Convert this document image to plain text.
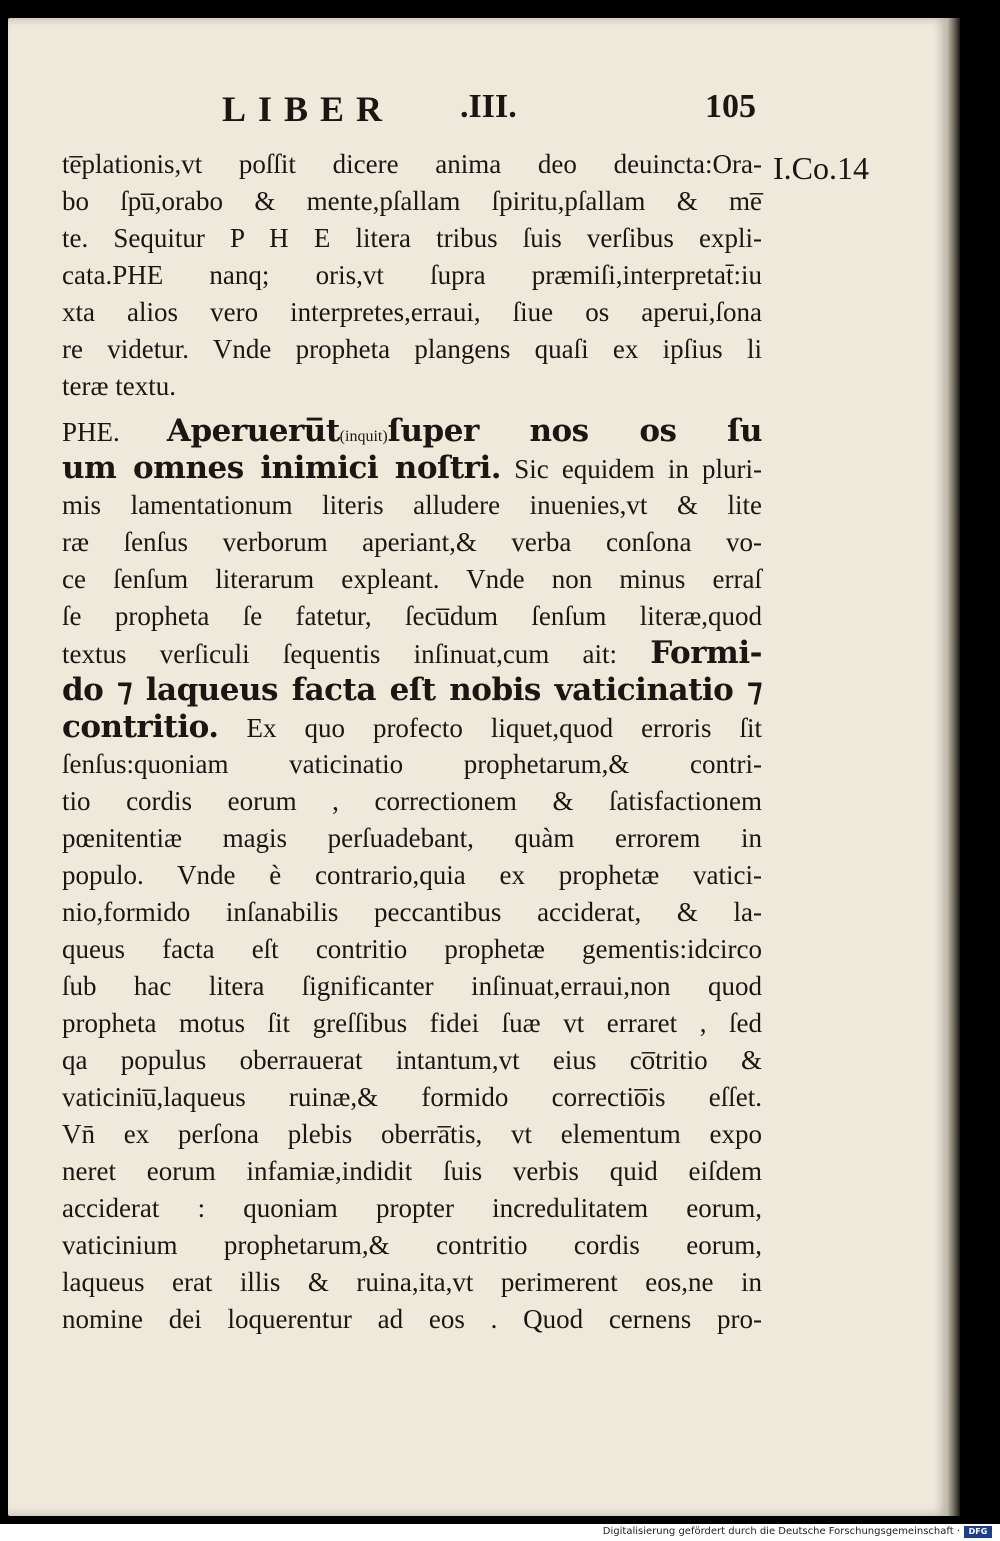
LIBER .III.	105
I.Co.14
te̅plationis,vt poſſit dicere anima deo deuincta:Ora-
bo ſpu̅,orabo & mente,pſallam ſpiritu,pſallam & me̅
te. Sequitur P H E litera tribus ſuis verſibus expli-
cata.PHE nanq; oris,vt ſupra præmiſi,interpretat̄:iu
xta alios vero interpretes,erraui, ſiue os aperui,ſona
re videtur. Vnde propheta plangens quaſi ex ipſius li
teræ textu.
PHE. Aperueru̅t(inquit)ſuper nos os ſu
um omnes inimici noſtri. Sic equidem in pluri-
mis lamentationum literis alludere inuenies,vt & lite
ræ ſenſus verborum aperiant,& verba conſona vo-
ce ſenſum literarum expleant. Vnde non minus erraſ
ſe propheta ſe fatetur, ſecu̅dum ſenſum literæ,quod
textus verſiculi ſequentis inſinuat,cum ait: Formi-
do ⁊ laqueus facta eſt nobis vaticinatio ⁊
contritio. Ex quo profecto liquet,quod erroris ſit
ſenſus:quoniam vaticinatio prophetarum,& contri-
tio cordis eorum , correctionem & ſatisfactionem
pœnitentiæ magis perſuadebant, quàm errorem in
populo. Vnde è contrario,quia ex prophetæ vatici-
nio,formido inſanabilis peccantibus acciderat, & la-
queus facta eſt contritio prophetæ gementis:idcirco
ſub hac litera ſignificanter inſinuat,erraui,non quod
propheta motus ſit greſſibus fidei ſuæ vt erraret , ſed
qa populus oberrauerat intantum,vt eius co̅tritio &
vaticiniu̅,laqueus ruinæ,& formido correctio̅is eſſet.
Vn̄ ex perſona plebis oberra̅tis, vt elementum expo
neret eorum infamiæ,indidit ſuis verbis quid eiſdem
acciderat : quoniam propter incredulitatem eorum,
vaticinium prophetarum,& contritio cordis eorum,
laqueus erat illis & ruina,ita,vt perimerent eos,ne in
nomine dei loquerentur ad eos . Quod cernens pro-
Digitalisierung gefördert durch die Deutsche Forschungsgemeinschaft ·	DFG
